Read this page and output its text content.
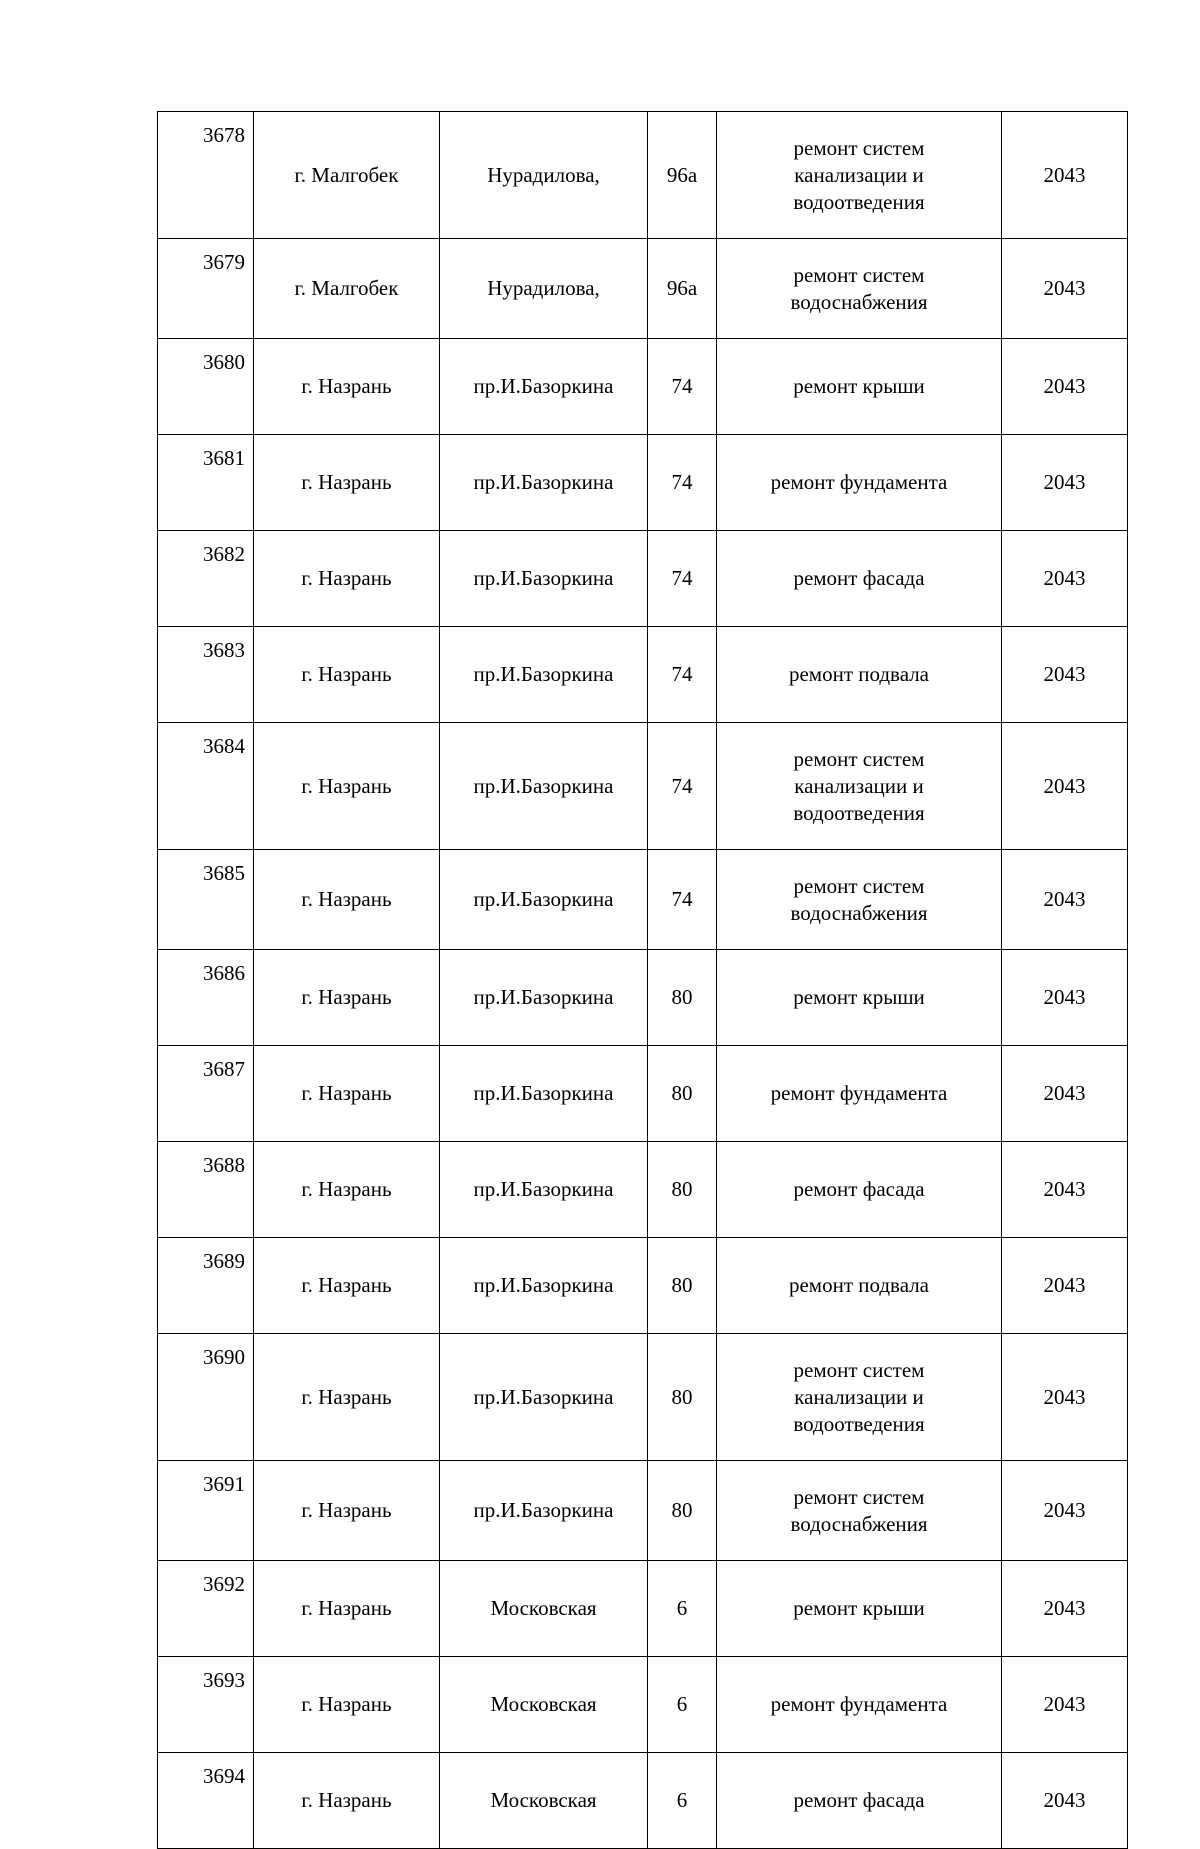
3678	г. Малгобек	Нурадилова,	96а	ремонт систем
канализации и
водоотведения	2043
3679	г. Малгобек	Нурадилова,	96а	ремонт систем
водоснабжения	2043
3680	г. Назрань	пр.И.Базоркина	74	ремонт крыши	2043
3681	г. Назрань	пр.И.Базоркина	74	ремонт фундамента	2043
3682	г. Назрань	пр.И.Базоркина	74	ремонт фасада	2043
3683	г. Назрань	пр.И.Базоркина	74	ремонт подвала	2043
3684	г. Назрань	пр.И.Базоркина	74	ремонт систем
канализации и
водоотведения	2043
3685	г. Назрань	пр.И.Базоркина	74	ремонт систем
водоснабжения	2043
3686	г. Назрань	пр.И.Базоркина	80	ремонт крыши	2043
3687	г. Назрань	пр.И.Базоркина	80	ремонт фундамента	2043
3688	г. Назрань	пр.И.Базоркина	80	ремонт фасада	2043
3689	г. Назрань	пр.И.Базоркина	80	ремонт подвала	2043
3690	г. Назрань	пр.И.Базоркина	80	ремонт систем
канализации и
водоотведения	2043
3691	г. Назрань	пр.И.Базоркина	80	ремонт систем
водоснабжения	2043
3692	г. Назрань	Московская	6	ремонт крыши	2043
3693	г. Назрань	Московская	6	ремонт фундамента	2043
3694	г. Назрань	Московская	6	ремонт фасада	2043
